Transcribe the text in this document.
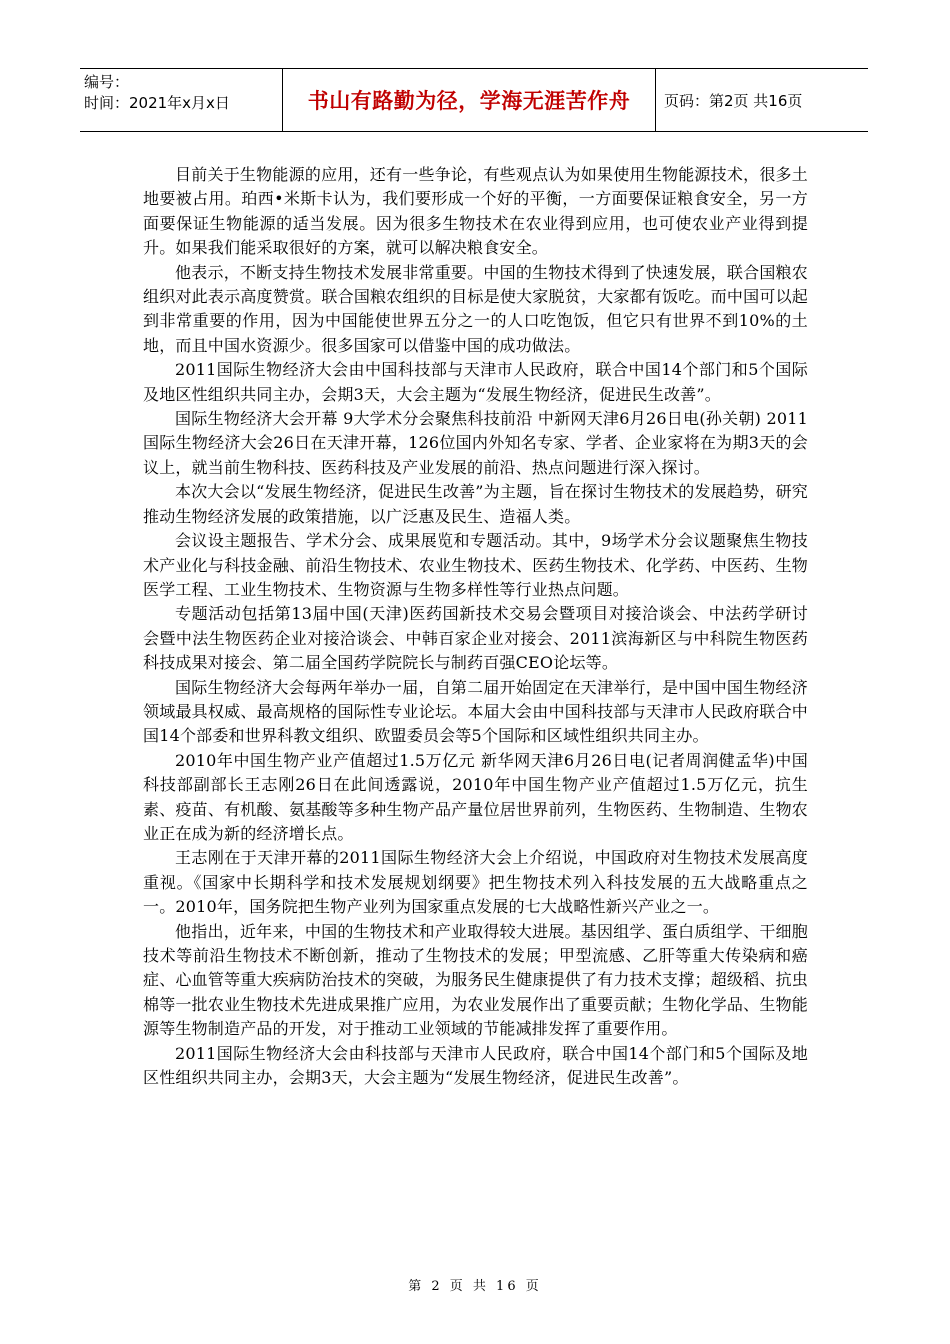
编号：
时间：2021年x月x日	书山有路勤为径，学海无涯苦作舟	页码：第2页 共16页

目前关于生物能源的应用，还有一些争论，有些观点认为如果使用生物能源技术，很多土地要被占用。珀西•米斯卡认为，我们要形成一个好的平衡，一方面要保证粮食安全，另一方面要保证生物能源的适当发展。因为很多生物技术在农业得到应用，也可使农业产业得到提升。如果我们能采取很好的方案，就可以解决粮食安全。

他表示，不断支持生物技术发展非常重要。中国的生物技术得到了快速发展，联合国粮农组织对此表示高度赞赏。联合国粮农组织的目标是使大家脱贫，大家都有饭吃。而中国可以起到非常重要的作用，因为中国能使世界五分之一的人口吃饱饭，但它只有世界不到10%的土地，而且中国水资源少。很多国家可以借鉴中国的成功做法。

2011国际生物经济大会由中国科技部与天津市人民政府，联合中国14个部门和5个国际及地区性组织共同主办，会期3天，大会主题为“发展生物经济，促进民生改善”。

国际生物经济大会开幕 9大学术分会聚焦科技前沿 中新网天津6月26日电(孙关朝) 2011国际生物经济大会26日在天津开幕，126位国内外知名专家、学者、企业家将在为期3天的会议上，就当前生物科技、医药科技及产业发展的前沿、热点问题进行深入探讨。

本次大会以“发展生物经济，促进民生改善”为主题，旨在探讨生物技术的发展趋势，研究推动生物经济发展的政策措施，以广泛惠及民生、造福人类。

会议设主题报告、学术分会、成果展览和专题活动。其中，9场学术分会议题聚焦生物技术产业化与科技金融、前沿生物技术、农业生物技术、医药生物技术、化学药、中医药、生物医学工程、工业生物技术、生物资源与生物多样性等行业热点问题。

专题活动包括第13届中国(天津)医药国新技术交易会暨项目对接洽谈会、中法药学研讨会暨中法生物医药企业对接洽谈会、中韩百家企业对接会、2011滨海新区与中科院生物医药科技成果对接会、第二届全国药学院院长与制药百强CEO论坛等。

国际生物经济大会每两年举办一届，自第二届开始固定在天津举行，是中国中国生物经济领域最具权威、最高规格的国际性专业论坛。本届大会由中国科技部与天津市人民政府联合中国14个部委和世界科教文组织、欧盟委员会等5个国际和区域性组织共同主办。

2010年中国生物产业产值超过1.5万亿元 新华网天津6月26日电(记者周润健孟华)中国科技部副部长王志刚26日在此间透露说，2010年中国生物产业产值超过1.5万亿元，抗生素、疫苗、有机酸、氨基酸等多种生物产品产量位居世界前列，生物医药、生物制造、生物农业正在成为新的经济增长点。

王志刚在于天津开幕的2011国际生物经济大会上介绍说，中国政府对生物技术发展高度重视。《国家中长期科学和技术发展规划纲要》把生物技术列入科技发展的五大战略重点之一。2010年，国务院把生物产业列为国家重点发展的七大战略性新兴产业之一。

他指出，近年来，中国的生物技术和产业取得较大进展。基因组学、蛋白质组学、干细胞技术等前沿生物技术不断创新，推动了生物技术的发展；甲型流感、乙肝等重大传染病和癌症、心血管等重大疾病防治技术的突破，为服务民生健康提供了有力技术支撑；超级稻、抗虫棉等一批农业生物技术先进成果推广应用，为农业发展作出了重要贡献；生物化学品、生物能源等生物制造产品的开发，对于推动工业领域的节能减排发挥了重要作用。

2011国际生物经济大会由科技部与天津市人民政府，联合中国14个部门和5个国际及地区性组织共同主办，会期3天，大会主题为“发展生物经济，促进民生改善”。

第 2 页 共 16 页
